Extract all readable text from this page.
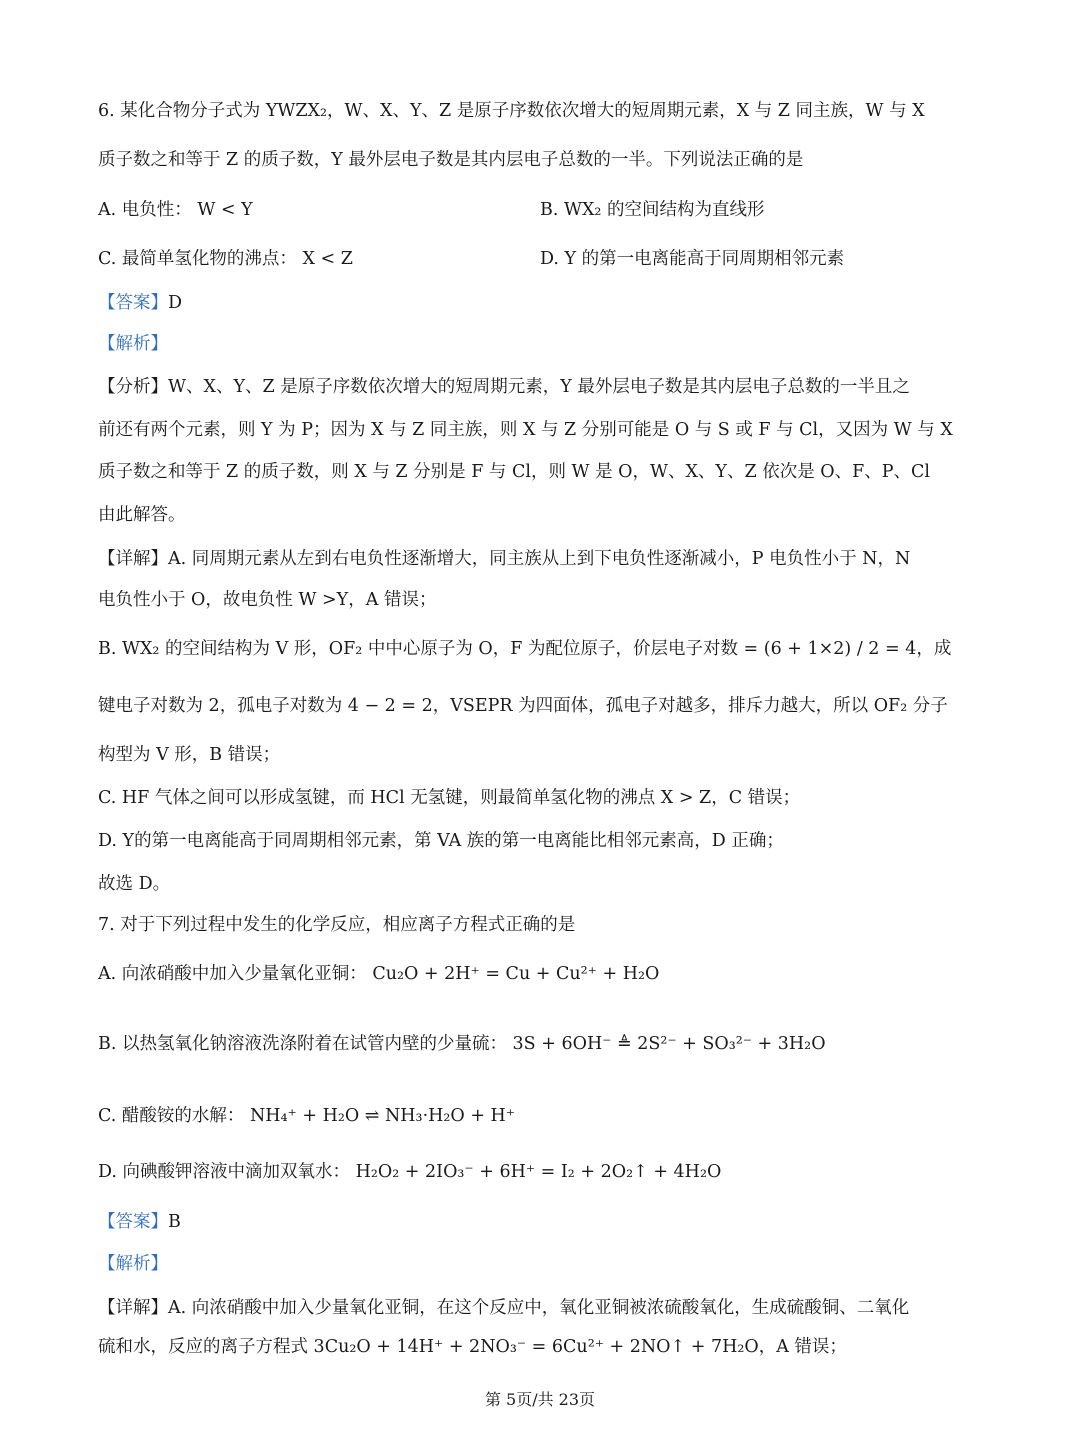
6. 某化合物分子式为 YWZX₂，W、X、Y、Z 是原子序数依次增大的短周期元素，X 与 Z 同主族，W 与 X
质子数之和等于 Z 的质子数，Y 最外层电子数是其内层电子总数的一半。下列说法正确的是
A. 电负性： W < Y	B. WX₂ 的空间结构为直线形
C. 最简单氢化物的沸点： X < Z	D. Y 的第一电离能高于同周期相邻元素
【答案】D
【解析】
【分析】W、X、Y、Z 是原子序数依次增大的短周期元素，Y 最外层电子数是其内层电子总数的一半且之
前还有两个元素，则 Y 为 P；因为 X 与 Z 同主族，则 X 与 Z 分别可能是 O 与 S 或 F 与 Cl，又因为 W 与 X
质子数之和等于 Z 的质子数，则 X 与 Z 分别是 F 与 Cl，则 W 是 O，W、X、Y、Z 依次是 O、F、P、Cl
由此解答。
【详解】A. 同周期元素从左到右电负性逐渐增大，同主族从上到下电负性逐渐减小，P 电负性小于 N，N
电负性小于 O，故电负性 W >Y，A 错误；
B. WX₂ 的空间结构为 V 形，OF₂ 中中心原子为 O，F 为配位原子，价层电子对数 = (6 + 1×2) / 2 = 4，成
键电子对数为 2，孤电子对数为 4 − 2 = 2，VSEPR 为四面体，孤电子对越多，排斥力越大，所以 OF₂ 分子
构型为 V 形，B 错误；
C. HF 气体之间可以形成氢键，而 HCl 无氢键，则最简单氢化物的沸点 X > Z，C 错误；
D. Y的第一电离能高于同周期相邻元素，第 VA 族的第一电离能比相邻元素高，D 正确；
故选 D。
7. 对于下列过程中发生的化学反应，相应离子方程式正确的是
A. 向浓硝酸中加入少量氧化亚铜： Cu₂O + 2H⁺ = Cu + Cu²⁺ + H₂O
B. 以热氢氧化钠溶液洗涤附着在试管内壁的少量硫： 3S + 6OH⁻ ≜ 2S²⁻ + SO₃²⁻ + 3H₂O
C. 醋酸铵的水解： NH₄⁺ + H₂O ⇌ NH₃·H₂O + H⁺
D. 向碘酸钾溶液中滴加双氧水： H₂O₂ + 2IO₃⁻ + 6H⁺ = I₂ + 2O₂↑ + 4H₂O
【答案】B
【解析】
【详解】A. 向浓硝酸中加入少量氧化亚铜，在这个反应中，氧化亚铜被浓硫酸氧化，生成硫酸铜、二氧化
硫和水，反应的离子方程式 3Cu₂O + 14H⁺ + 2NO₃⁻ = 6Cu²⁺ + 2NO↑ + 7H₂O，A 错误；
第 5页/共 23页
